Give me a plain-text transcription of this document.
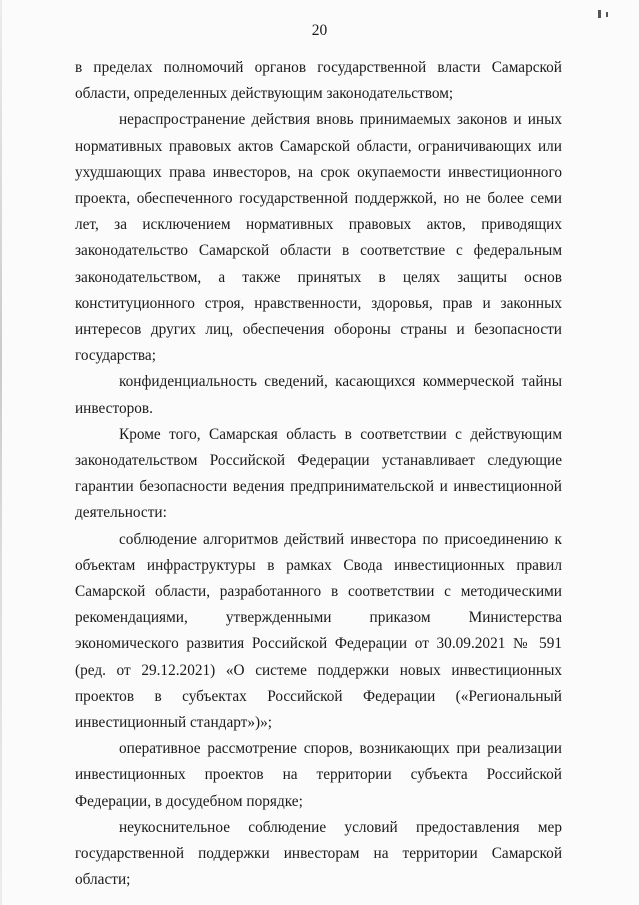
20

в пределах полномочий органов государственной власти Самарской области, определенных действующим законодательством;

нераспространение действия вновь принимаемых законов и иных нормативных правовых актов Самарской области, ограничивающих или ухудшающих права инвесторов, на срок окупаемости инвестиционного проекта, обеспеченного государственной поддержкой, но не более семи лет, за исключением нормативных правовых актов, приводящих законодательство Самарской области в соответствие с федеральным законодательством, а также принятых в целях защиты основ конституционного строя, нравственности, здоровья, прав и законных интересов других лиц, обеспечения обороны страны и безопасности государства;

конфиденциальность сведений, касающихся коммерческой тайны инвесторов.

Кроме того, Самарская область в соответствии с действующим законодательством Российской Федерации устанавливает следующие гарантии безопасности ведения предпринимательской и инвестиционной деятельности:

соблюдение алгоритмов действий инвестора по присоединению к объектам инфраструктуры в рамках Свода инвестиционных правил Самарской области, разработанного в соответствии с методическими рекомендациями, утвержденными приказом Министерства экономического развития Российской Федерации от 30.09.2021 № 591 (ред. от 29.12.2021) «О системе поддержки новых инвестиционных проектов в субъектах Российской Федерации («Региональный инвестиционный стандарт»)»;

оперативное рассмотрение споров, возникающих при реализации инвестиционных проектов на территории субъекта Российской Федерации, в досудебном порядке;

неукоснительное соблюдение условий предоставления мер государственной поддержки инвесторам на территории Самарской области;
